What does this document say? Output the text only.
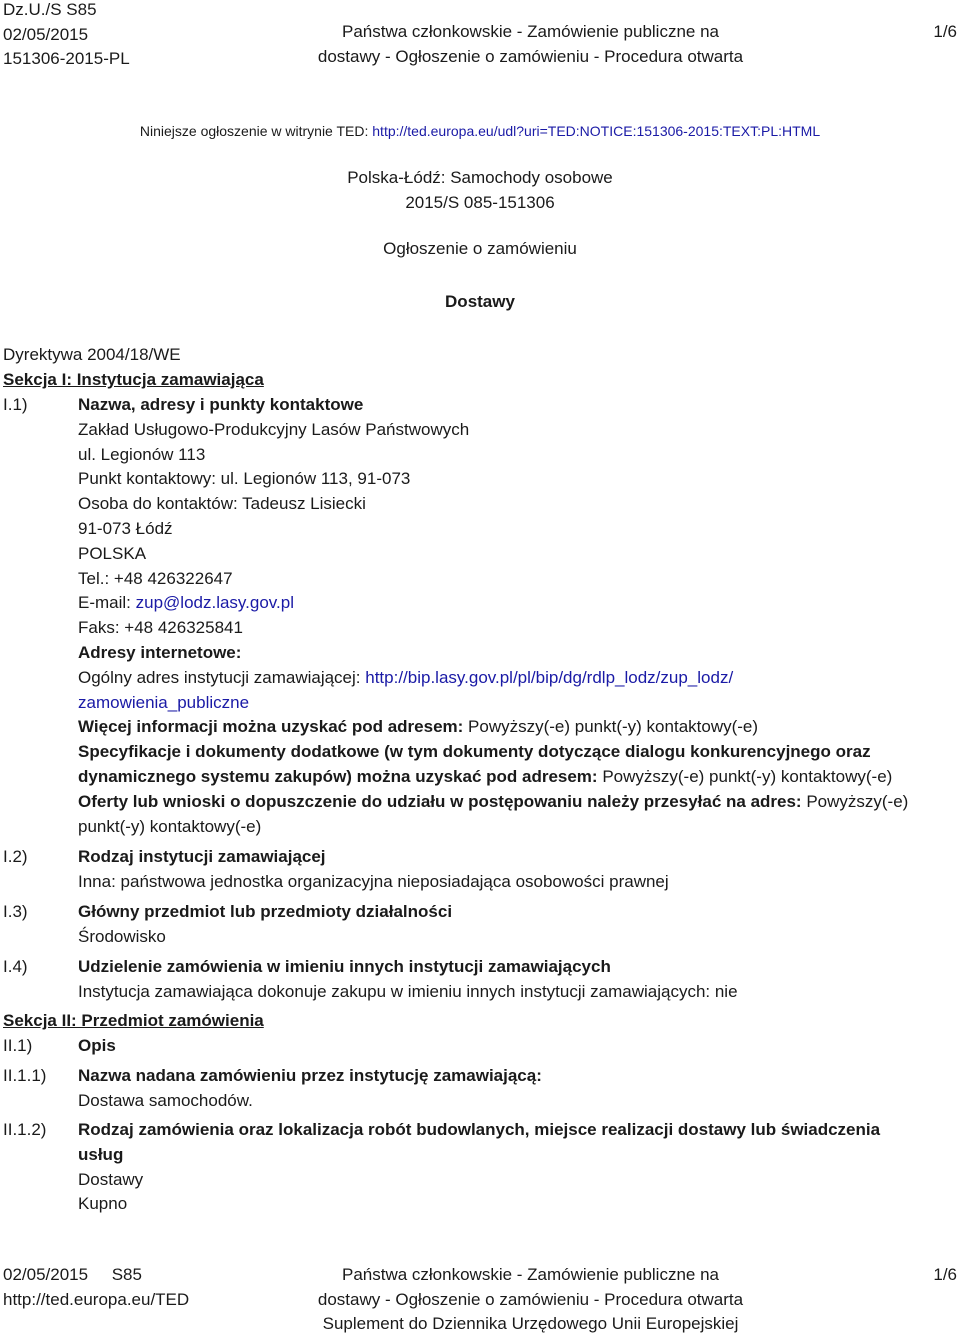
Dz.U./S S85
02/05/2015
151306-2015-PL
Państwa członkowskie - Zamówienie publiczne na
dostawy - Ogłoszenie o zamówieniu - Procedura otwarta
1/6
Niniejsze ogłoszenie w witrynie TED: http://ted.europa.eu/udl?uri=TED:NOTICE:151306-2015:TEXT:PL:HTML
Polska-Łódź: Samochody osobowe
2015/S 085-151306
Ogłoszenie o zamówieniu
Dostawy
Dyrektywa 2004/18/WE
Sekcja I: Instytucja zamawiająca
I.1)	Nazwa, adresy i punkty kontaktowe
Zakład Usługowo-Produkcyjny Lasów Państwowych
ul. Legionów 113
Punkt kontaktowy: ul. Legionów 113, 91-073
Osoba do kontaktów: Tadeusz Lisiecki
91-073 Łódź
POLSKA
Tel.: +48 426322647
E-mail: zup@lodz.lasy.gov.pl
Faks: +48 426325841
Adresy internetowe:
Ogólny adres instytucji zamawiającej: http://bip.lasy.gov.pl/pl/bip/dg/rdlp_lodz/zup_lodz/
zamowienia_publiczne
Więcej informacji można uzyskać pod adresem: Powyższy(-e) punkt(-y) kontaktowy(-e)
Specyfikacje i dokumenty dodatkowe (w tym dokumenty dotyczące dialogu konkurencyjnego oraz
dynamicznego systemu zakupów) można uzyskać pod adresem: Powyższy(-e) punkt(-y) kontaktowy(-e)
Oferty lub wnioski o dopuszczenie do udziału w postępowaniu należy przesyłać na adres: Powyższy(-e)
punkt(-y) kontaktowy(-e)
I.2)	Rodzaj instytucji zamawiającej
Inna: państwowa jednostka organizacyjna nieposiadająca osobowości prawnej
I.3)	Główny przedmiot lub przedmioty działalności
Środowisko
I.4)	Udzielenie zamówienia w imieniu innych instytucji zamawiających
Instytucja zamawiająca dokonuje zakupu w imieniu innych instytucji zamawiających: nie
Sekcja II: Przedmiot zamówienia
II.1)	Opis
II.1.1) Nazwa nadana zamówieniu przez instytucję zamawiającą:
Dostawa samochodów.
II.1.2) Rodzaj zamówienia oraz lokalizacja robót budowlanych, miejsce realizacji dostawy lub świadczenia
usług
Dostawy
Kupno
02/05/2015     S85
http://ted.europa.eu/TED
Państwa członkowskie - Zamówienie publiczne na
dostawy - Ogłoszenie o zamówieniu - Procedura otwarta
Suplement do Dziennika Urzędowego Unii Europejskiej
1/6
